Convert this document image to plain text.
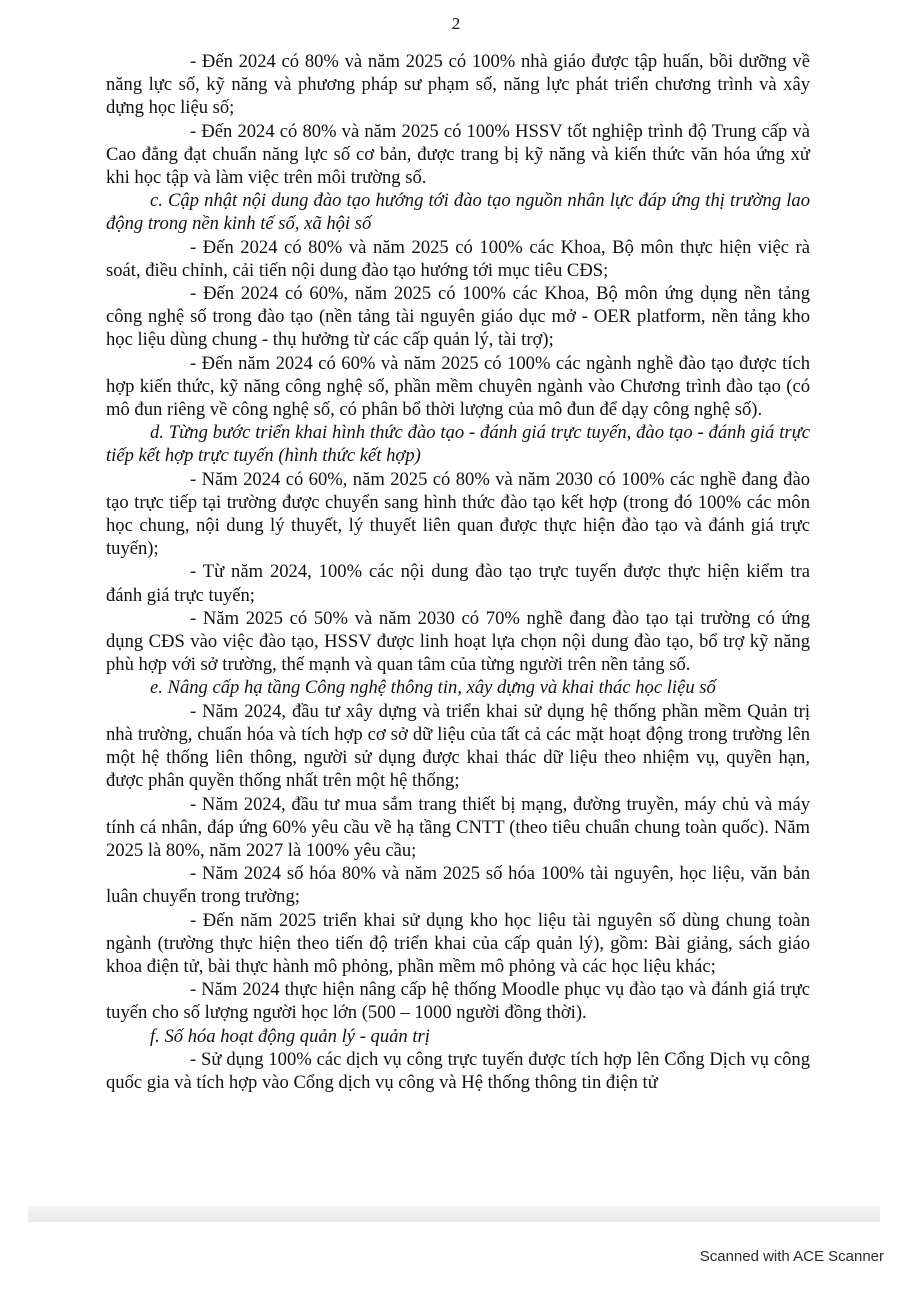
2

- Đến 2024 có 80% và năm 2025 có 100% nhà giáo được tập huấn, bồi dưỡng về năng lực số, kỹ năng và phương pháp sư phạm số, năng lực phát triển chương trình và xây dựng học liệu số;

- Đến 2024 có 80% và năm 2025 có 100% HSSV tốt nghiệp trình độ Trung cấp và Cao đẳng đạt chuẩn năng lực số cơ bản, được trang bị kỹ năng và kiến thức văn hóa ứng xử khi học tập và làm việc trên môi trường số.

c. Cập nhật nội dung đào tạo hướng tới đào tạo nguồn nhân lực đáp ứng thị trường lao động trong nền kinh tế số, xã hội số

- Đến 2024 có 80% và năm 2025 có 100% các Khoa, Bộ môn thực hiện việc rà soát, điều chỉnh, cải tiến nội dung đào tạo hướng tới mục tiêu CĐS;

- Đến 2024 có 60%, năm 2025 có 100% các Khoa, Bộ môn ứng dụng nền tảng công nghệ số trong đào tạo (nền tảng tài nguyên giáo dục mở - OER platform, nền tảng kho học liệu dùng chung - thụ hưởng từ các cấp quản lý, tài trợ);

- Đến năm 2024 có 60% và năm 2025 có 100% các ngành nghề đào tạo được tích hợp kiến thức, kỹ năng công nghệ số, phần mềm chuyên ngành vào Chương trình đào tạo (có mô đun riêng về công nghệ số, có phân bổ thời lượng của mô đun để dạy công nghệ số).

d. Từng bước triển khai hình thức đào tạo - đánh giá trực tuyến, đào tạo - đánh giá trực tiếp kết hợp trực tuyến (hình thức kết hợp)

- Năm 2024 có 60%, năm 2025 có 80% và năm 2030 có 100% các nghề đang đào tạo trực tiếp tại trường được chuyển sang hình thức đào tạo kết hợp (trong đó 100% các môn học chung, nội dung lý thuyết, lý thuyết liên quan được thực hiện đào tạo và đánh giá trực tuyến);

- Từ năm 2024, 100% các nội dung đào tạo trực tuyến được thực hiện kiểm tra đánh giá trực tuyến;

- Năm 2025 có 50% và năm 2030 có 70% nghề đang đào tạo tại trường có ứng dụng CĐS vào việc đào tạo, HSSV được linh hoạt lựa chọn nội dung đào tạo, bổ trợ kỹ năng phù hợp với sở trường, thế mạnh và quan tâm của từng người trên nền tảng số.

e. Nâng cấp hạ tầng Công nghệ thông tin, xây dựng và khai thác học liệu số

- Năm 2024, đầu tư xây dựng và triển khai sử dụng hệ thống phần mềm Quản trị nhà trường, chuẩn hóa và tích hợp cơ sở dữ liệu của tất cả các mặt hoạt động trong trường lên một hệ thống liên thông, người sử dụng được khai thác dữ liệu theo nhiệm vụ, quyền hạn, được phân quyền thống nhất trên một hệ thống;

- Năm 2024, đầu tư mua sắm trang thiết bị mạng, đường truyền, máy chủ và máy tính cá nhân, đáp ứng 60% yêu cầu về hạ tầng CNTT (theo tiêu chuẩn chung toàn quốc). Năm 2025 là 80%, năm 2027 là 100% yêu cầu;

- Năm 2024 số hóa 80% và năm 2025 số hóa 100% tài nguyên, học liệu, văn bản luân chuyển trong trường;

- Đến năm 2025 triển khai sử dụng kho học liệu tài nguyên số dùng chung toàn ngành (trường thực hiện theo tiến độ triển khai của cấp quản lý), gồm: Bài giảng, sách giáo khoa điện tử, bài thực hành mô phỏng, phần mềm mô phỏng và các học liệu khác;

- Năm 2024 thực hiện nâng cấp hệ thống Moodle phục vụ đào tạo và đánh giá trực tuyến cho số lượng người học lớn (500 – 1000 người đồng thời).

f. Số hóa hoạt động quản lý - quản trị

- Sử dụng 100% các dịch vụ công trực tuyến được tích hợp lên Cổng Dịch vụ công quốc gia và tích hợp vào Cổng dịch vụ công và Hệ thống thông tin điện tử

Scanned with ACE Scanner
